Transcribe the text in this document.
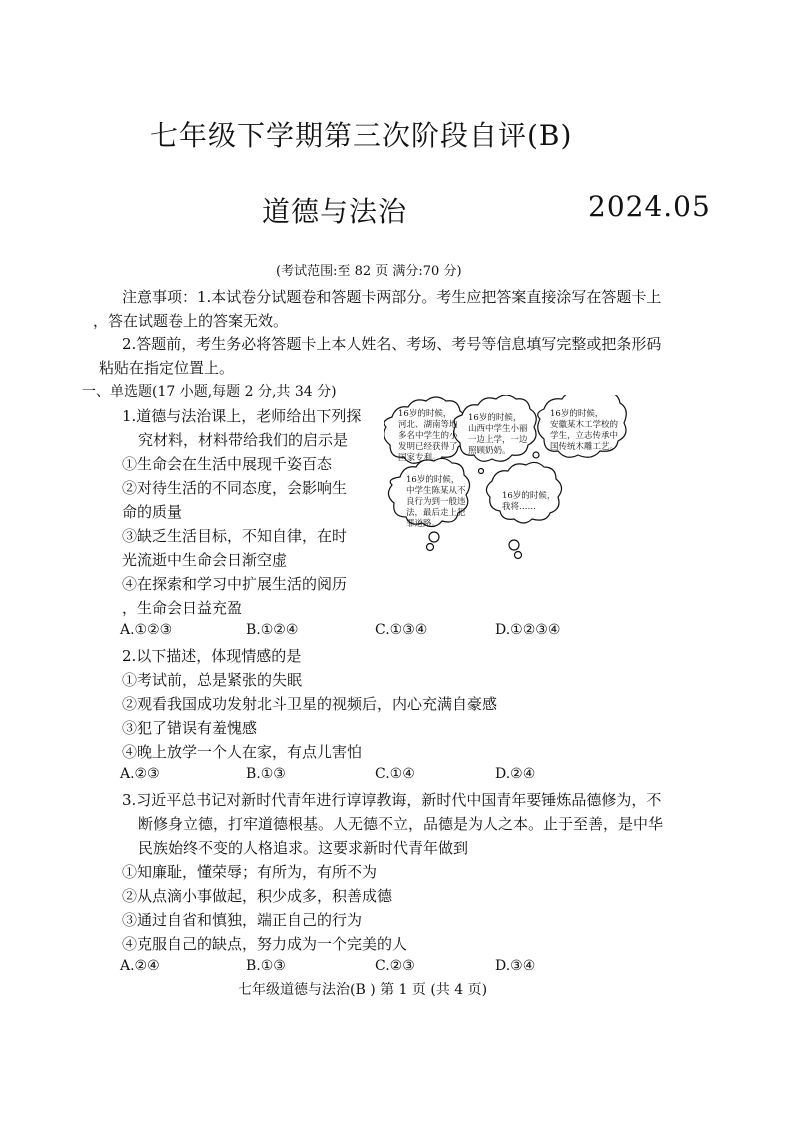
七年级下学期第三次阶段自评(B)
道德与法治	2024.05
(考试范围:至 82 页 满分:70 分)
注意事项：1.本试卷分试题卷和答题卡两部分。考生应把答案直接涂写在答题卡上
，答在试题卷上的答案无效。
2.答题前，考生务必将答题卡上本人姓名、考场、考号等信息填写完整或把条形码
粘贴在指定位置上。
一、单选题(17 小题,每题 2 分,共 34 分)
1.道德与法治课上，老师给出下列探
究材料，材料带给我们的启示是
①生命会在生活中展现千姿百态
②对待生活的不同态度，会影响生
命的质量
③缺乏生活目标，不知自律，在时
光流逝中生命会日渐空虚
④在探索和学习中扩展生活的阅历
，生命会日益充盈
A.①②③	B.①②④	C.①③④	D.①②③④
16岁的时候，
河北、湖南等地
多名中学生的小
发明已经获得了
国家专利。
16岁的时候，
山西中学生小丽
一边上学，一边
照顾奶奶。
16岁的时候，
安徽某木工学校的
学生，立志传承中
国传统木雕工艺。
16岁的时候，
中学生陈某从不
良行为到一般违
法，最后走上犯
罪道路。
16岁的时候，
我将……
2.以下描述，体现情感的是
①考试前，总是紧张的失眠
②观看我国成功发射北斗卫星的视频后，内心充满自豪感
③犯了错误有羞愧感
④晚上放学一个人在家，有点儿害怕
A.②③	B.①③	C.①④	D.②④
3.习近平总书记对新时代青年进行谆谆教诲，新时代中国青年要锤炼品德修为，不
断修身立德，打牢道德根基。人无德不立，品德是为人之本。止于至善，是中华
民族始终不变的人格追求。这要求新时代青年做到
①知廉耻，懂荣辱；有所为，有所不为
②从点滴小事做起，积少成多，积善成德
③通过自省和慎独，端正自己的行为
④克服自己的缺点，努力成为一个完美的人
A.②④	B.①③	C.②③	D.③④
七年级道德与法治(B ) 第 1 页 (共 4 页)
